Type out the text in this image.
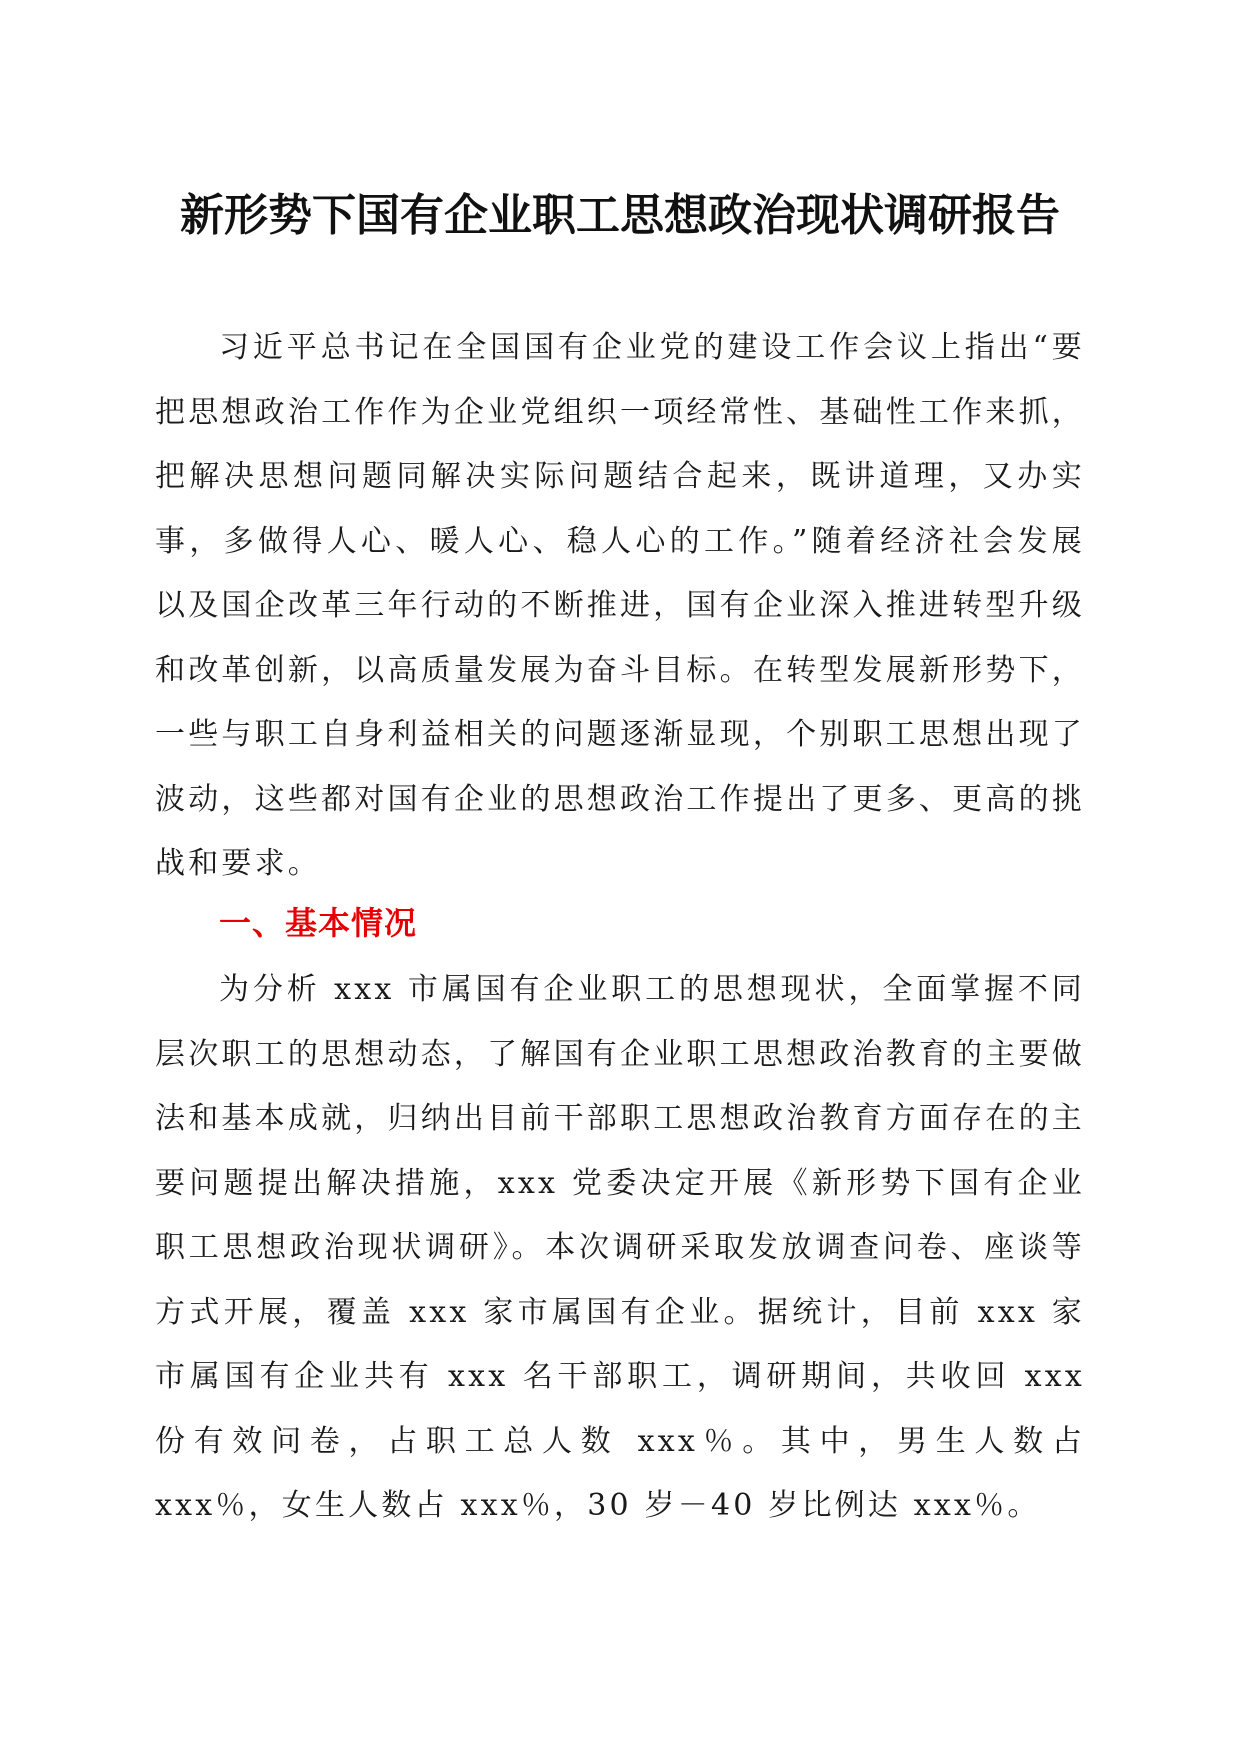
新形势下国有企业职工思想政治现状调研报告

习近平总书记在全国国有企业党的建设工作会议上指出“要把思想政治工作作为企业党组织一项经常性、基础性工作来抓，把解决思想问题同解决实际问题结合起来，既讲道理，又办实事，多做得人心、暖人心、稳人心的工作。”随着经济社会发展以及国企改革三年行动的不断推进，国有企业深入推进转型升级和改革创新，以高质量发展为奋斗目标。在转型发展新形势下，一些与职工自身利益相关的问题逐渐显现，个别职工思想出现了波动，这些都对国有企业的思想政治工作提出了更多、更高的挑战和要求。

一、基本情况

为分析 xxx 市属国有企业职工的思想现状，全面掌握不同层次职工的思想动态，了解国有企业职工思想政治教育的主要做法和基本成就，归纳出目前干部职工思想政治教育方面存在的主要问题提出解决措施，xxx 党委决定开展《新形势下国有企业职工思想政治现状调研》。本次调研采取发放调查问卷、座谈等方式开展，覆盖 xxx 家市属国有企业。据统计，目前 xxx 家市属国有企业共有 xxx 名干部职工，调研期间，共收回 xxx 份有效问卷，占职工总人数 xxx％。其中，男生人数占 xxx％，女生人数占 xxx％，30 岁－40 岁比例达 xxx％。
